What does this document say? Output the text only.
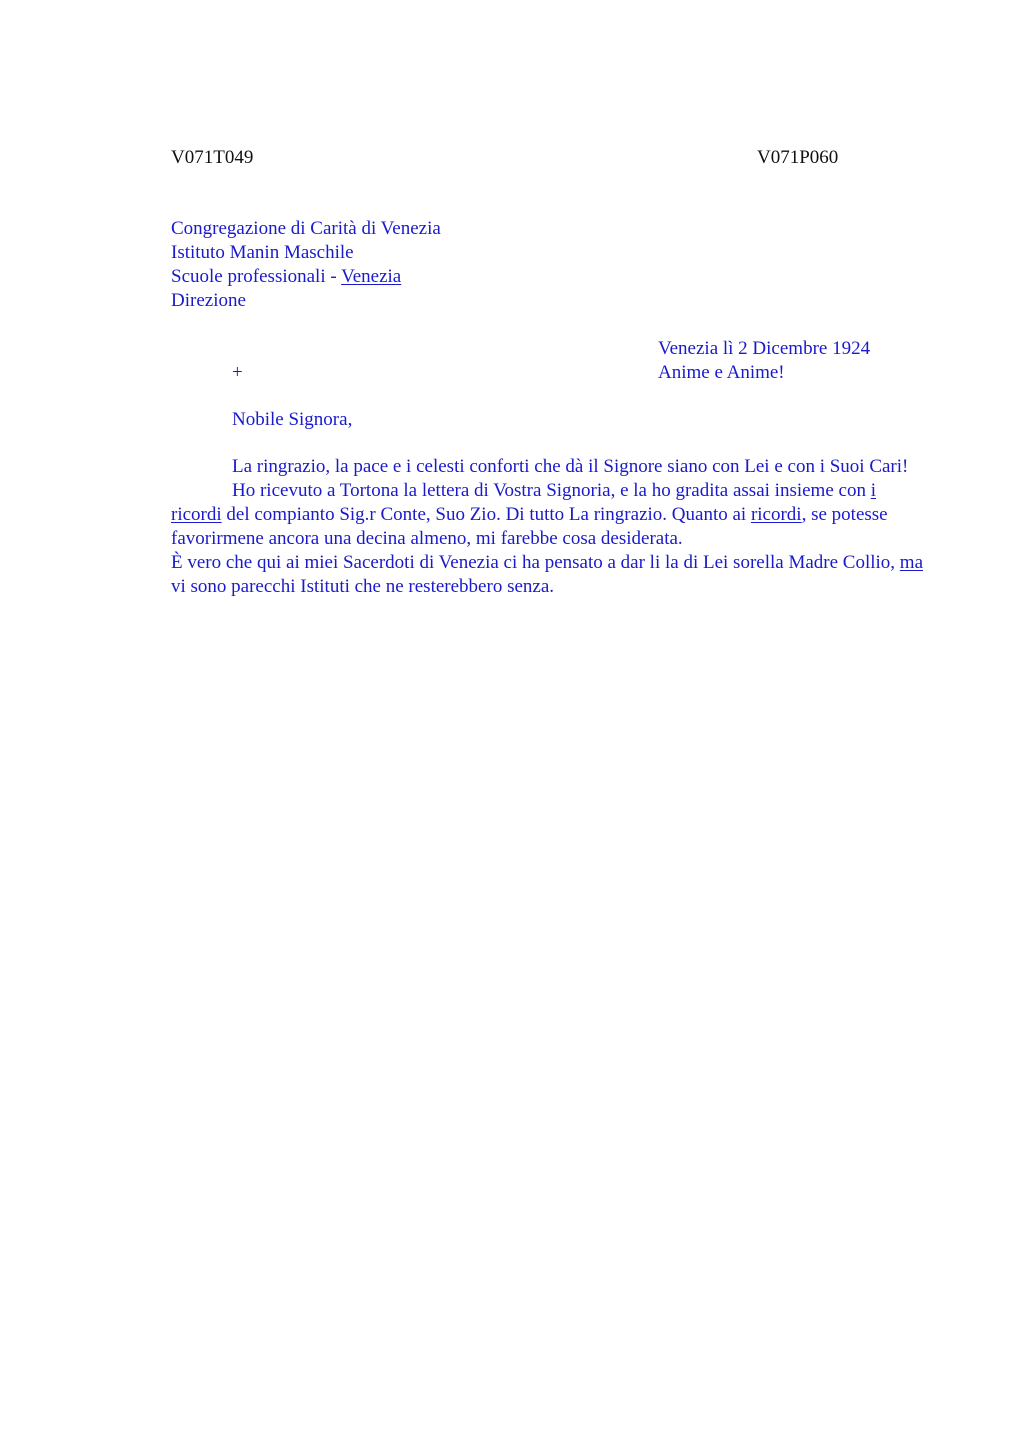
V071T049	V071P060
Congregazione di Carità di Venezia
Istituto Manin Maschile
Scuole professionali - Venezia
Direzione
Venezia lì 2 Dicembre 1924
Anime e Anime!
+
Nobile Signora,

La ringrazio, la pace e i celesti conforti che dà il Signore siano con Lei e con i Suoi Cari!

Ho ricevuto a Tortona la lettera di Vostra Signoria, e la ho gradita assai insieme con i ricordi del compianto Sig.r Conte, Suo Zio. Di tutto La ringrazio. Quanto ai ricordi, se potesse favorirmene ancora una decina almeno, mi farebbe cosa desiderata.

È vero che qui ai miei Sacerdoti di Venezia ci ha pensato a dar li la di Lei sorella Madre Collio, ma vi sono parecchi Istituti che ne resterebbero senza.
